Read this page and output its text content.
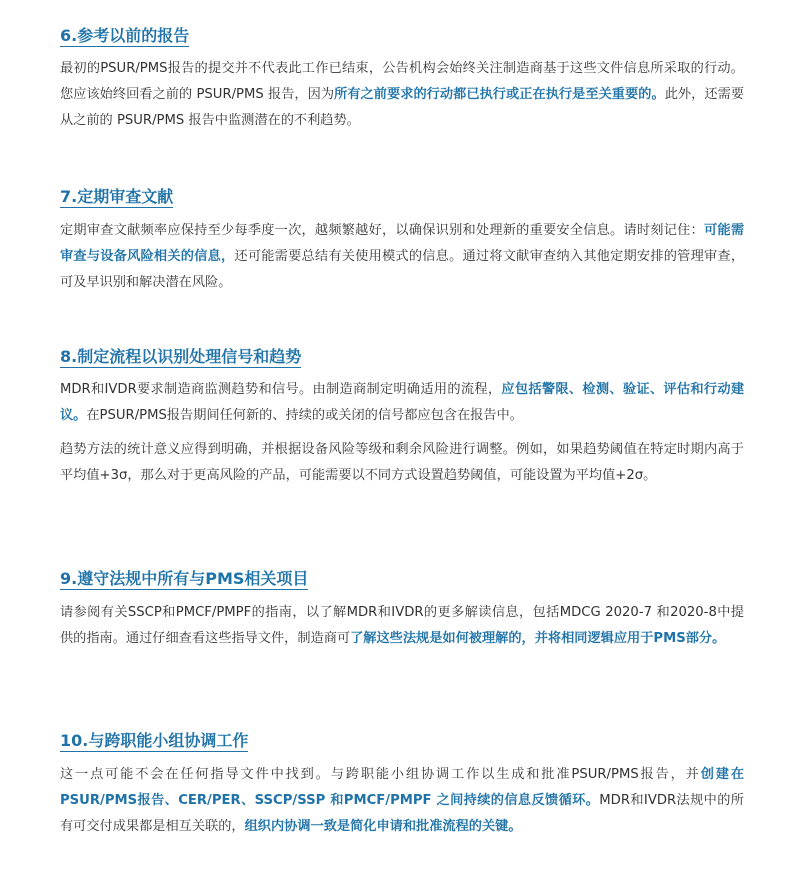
6.参考以前的报告

最初的PSUR/PMS报告的提交并不代表此工作已结束，公告机构会始终关注制造商基于这些文件信息所采取的行动。您应该始终回看之前的 PSUR/PMS 报告，因为所有之前要求的行动都已执行或正在执行是至关重要的。此外，还需要从之前的 PSUR/PMS 报告中监测潜在的不利趋势。

7.定期审查文献

定期审查文献频率应保持至少每季度一次，越频繁越好，以确保识别和处理新的重要安全信息。请时刻记住：可能需审查与设备风险相关的信息，还可能需要总结有关使用模式的信息。通过将文献审查纳入其他定期安排的管理审查，可及早识别和解决潜在风险。

8.制定流程以识别处理信号和趋势

MDR和IVDR要求制造商监测趋势和信号。由制造商制定明确适用的流程，应包括警限、检测、验证、评估和行动建议。在PSUR/PMS报告期间任何新的、持续的或关闭的信号都应包含在报告中。

趋势方法的统计意义应得到明确，并根据设备风险等级和剩余风险进行调整。例如，如果趋势阈值在特定时期内高于平均值+3σ，那么对于更高风险的产品，可能需要以不同方式设置趋势阈值，可能设置为平均值+2σ。

9.遵守法规中所有与PMS相关项目

请参阅有关SSCP和PMCF/PMPF的指南，以了解MDR和IVDR的更多解读信息，包括MDCG 2020-7 和2020-8中提供的指南。通过仔细查看这些指导文件，制造商可了解这些法规是如何被理解的，并将相同逻辑应用于PMS部分。

10.与跨职能小组协调工作

这一点可能不会在任何指导文件中找到。与跨职能小组协调工作以生成和批准PSUR/PMS报告，并创建在PSUR/PMS报告、CER/PER、SSCP/SSP 和PMCF/PMPF 之间持续的信息反馈循环。MDR和IVDR法规中的所有可交付成果都是相互关联的，组织内协调一致是简化申请和批准流程的关键。
